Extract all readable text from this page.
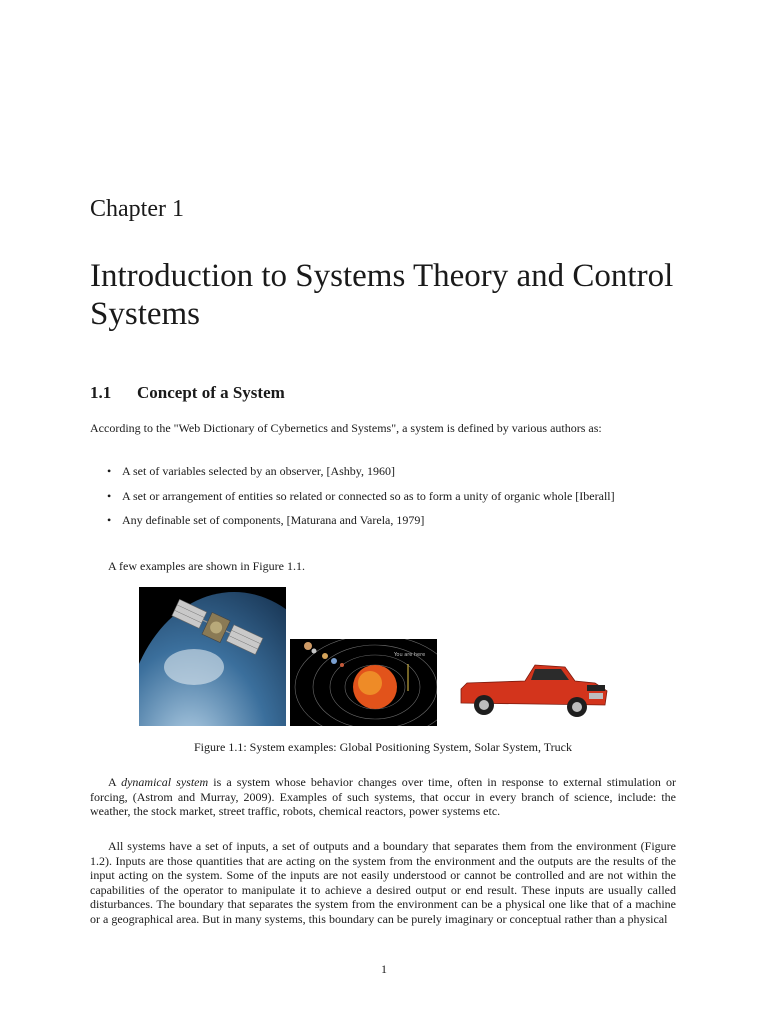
Chapter 1
Introduction to Systems Theory and Control Systems
1.1 Concept of a System
According to the "Web Dictionary of Cybernetics and Systems", a system is defined by various authors as:
• A set of variables selected by an observer, [Ashby, 1960]
• A set or arrangement of entities so related or connected so as to form a unity of organic whole [Iberall]
• Any definable set of components, [Maturana and Varela, 1979]
A few examples are shown in Figure 1.1.
You are here
Figure 1.1: System examples: Global Positioning System, Solar System, Truck
A dynamical system is a system whose behavior changes over time, often in response to external stimulation or forcing, (Astrom and Murray, 2009). Examples of such systems, that occur in every branch of science, include: the weather, the stock market, street traffic, robots, chemical reactors, power systems etc.
All systems have a set of inputs, a set of outputs and a boundary that separates them from the environment (Figure 1.2). Inputs are those quantities that are acting on the system from the environment and the outputs are the results of the input acting on the system. Some of the inputs are not easily understood or cannot be controlled and are not within the capabilities of the operator to manipulate it to achieve a desired output or end result. These inputs are usually called disturbances. The boundary that separates the system from the environment can be a physical one like that of a machine or a geographical area. But in many systems, this boundary can be purely imaginary or conceptual rather than a physical
1
